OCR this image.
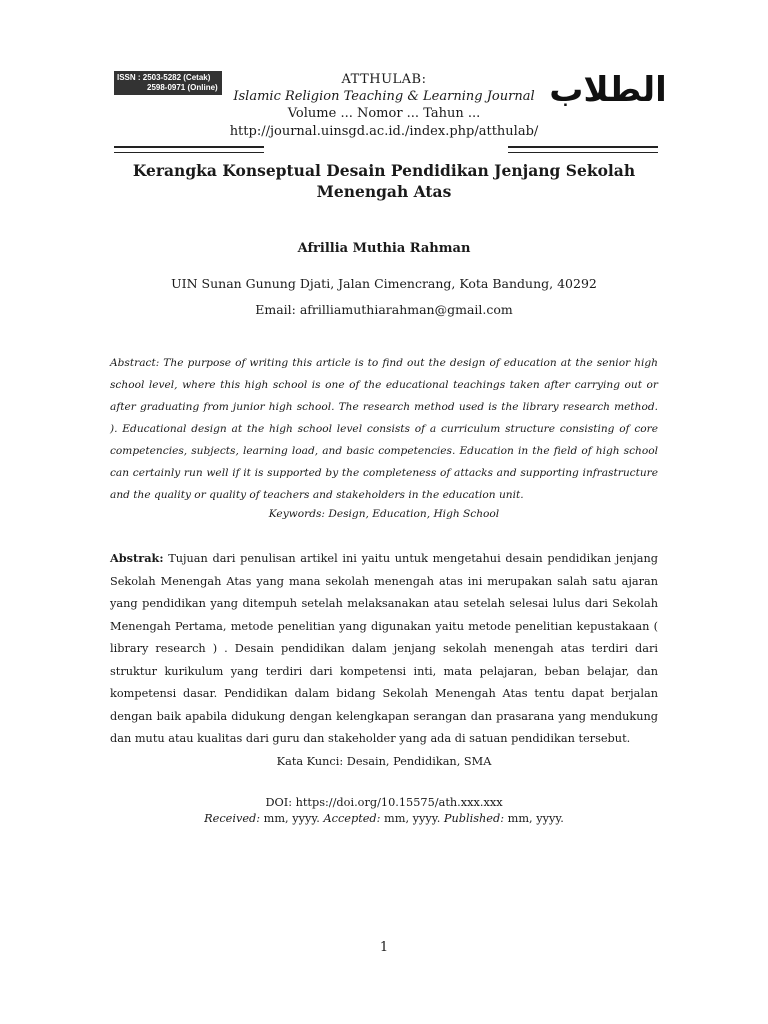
ISSN : 2503-5282 (Cetak)
2598-0971 (Online)
ATTHULAB:
Islamic Religion Teaching & Learning Journal
Volume ... Nomor ... Tahun ...
http://journal.uinsgd.ac.id./index.php/atthulab/
الطلاب
Kerangka Konseptual Desain Pendidikan Jenjang Sekolah Menengah Atas
Afrillia Muthia Rahman
UIN Sunan Gunung Djati, Jalan Cimencrang, Kota Bandung, 40292
Email: afrilliamuthiarahman@gmail.com
Abstract: The purpose of writing this article is to find out the design of education at the senior high school level, where this high school is one of the educational teachings taken after carrying out or after graduating from junior high school. The research method used is the library research method. ). Educational design at the high school level consists of a curriculum structure consisting of core competencies, subjects, learning load, and basic competencies. Education in the field of high school can certainly run well if it is supported by the completeness of attacks and supporting infrastructure and the quality or quality of teachers and stakeholders in the education unit.
Keywords: Design, Education, High School
Abstrak: Tujuan dari penulisan artikel ini yaitu untuk mengetahui desain pendidikan jenjang Sekolah Menengah Atas yang mana sekolah menengah atas ini merupakan salah satu ajaran yang pendidikan yang ditempuh setelah melaksanakan atau setelah selesai lulus dari Sekolah Menengah Pertama, metode penelitian yang digunakan yaitu metode penelitian kepustakaan ( library research ) . Desain pendidikan dalam jenjang sekolah menengah atas terdiri dari struktur kurikulum yang terdiri dari kompetensi inti, mata pelajaran, beban belajar, dan kompetensi dasar. Pendidikan dalam bidang Sekolah Menengah Atas tentu dapat berjalan dengan baik apabila didukung dengan kelengkapan serangan dan prasarana yang mendukung dan mutu atau kualitas dari guru dan stakeholder yang ada di satuan pendidikan tersebut.
Kata Kunci: Desain, Pendidikan, SMA
DOI: https://doi.org/10.15575/ath.xxx.xxx
Received: mm, yyyy. Accepted: mm, yyyy. Published: mm, yyyy.
1
